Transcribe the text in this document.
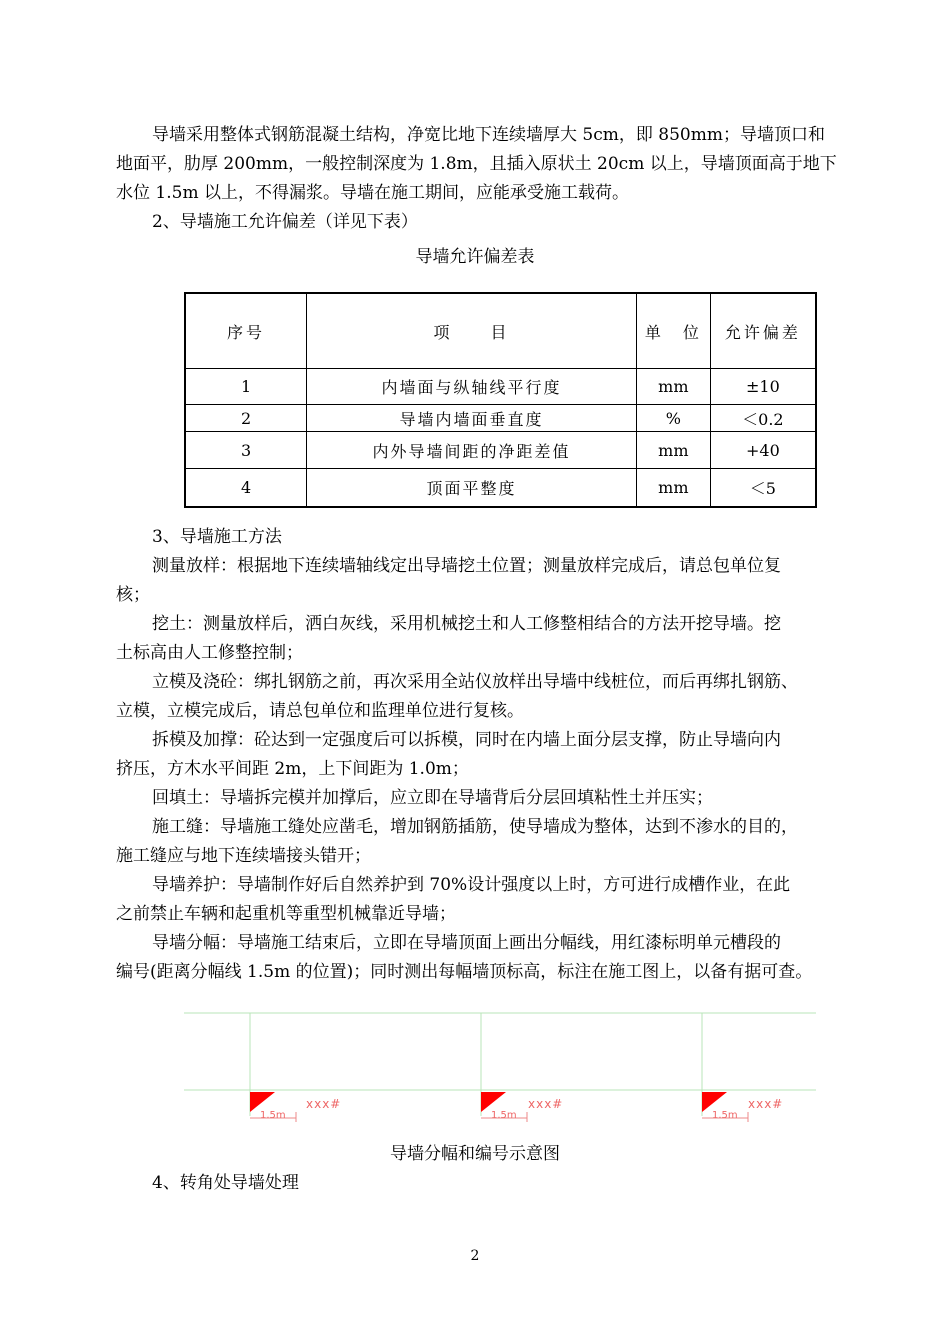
导墙采用整体式钢筋混凝土结构，净宽比地下连续墙厚大 5cm，即 850mm；导墙顶口和
地面平，肋厚 200mm，一般控制深度为 1.8m，且插入原状土 20cm 以上，导墙顶面高于地下
水位 1.5m 以上，不得漏浆。导墙在施工期间，应能承受施工载荷。
2、导墙施工允许偏差（详见下表）
导墙允许偏差表
序号	项　　目	单　位	允许偏差
1	内墙面与纵轴线平行度	mm	±10
2	导墙内墙面垂直度	%	＜0.2
3	内外导墙间距的净距差值	mm	+40
4	顶面平整度	mm	＜5
3、导墙施工方法
测量放样：根据地下连续墙轴线定出导墙挖土位置；测量放样完成后，请总包单位复
核；
挖土：测量放样后，洒白灰线，采用机械挖土和人工修整相结合的方法开挖导墙。挖
土标高由人工修整控制；
立模及浇砼：绑扎钢筋之前，再次采用全站仪放样出导墙中线桩位，而后再绑扎钢筋、
立模，立模完成后，请总包单位和监理单位进行复核。
拆模及加撑：砼达到一定强度后可以拆模，同时在内墙上面分层支撑，防止导墙向内
挤压，方木水平间距 2m，上下间距为 1.0m；
回填土：导墙拆完模并加撑后，应立即在导墙背后分层回填粘性土并压实；
施工缝：导墙施工缝处应凿毛，增加钢筋插筋，使导墙成为整体，达到不渗水的目的，
施工缝应与地下连续墙接头错开；
导墙养护：导墙制作好后自然养护到 70%设计强度以上时，方可进行成槽作业，在此
之前禁止车辆和起重机等重型机械靠近导墙；
导墙分幅：导墙施工结束后，立即在导墙顶面上画出分幅线，用红漆标明单元槽段的
编号(距离分幅线 1.5m 的位置)；同时测出每幅墙顶标高，标注在施工图上，以备有据可查。
1.5m
xxx#
1.5m
xxx#
1.5m
xxx#
导墙分幅和编号示意图
4、转角处导墙处理
2
